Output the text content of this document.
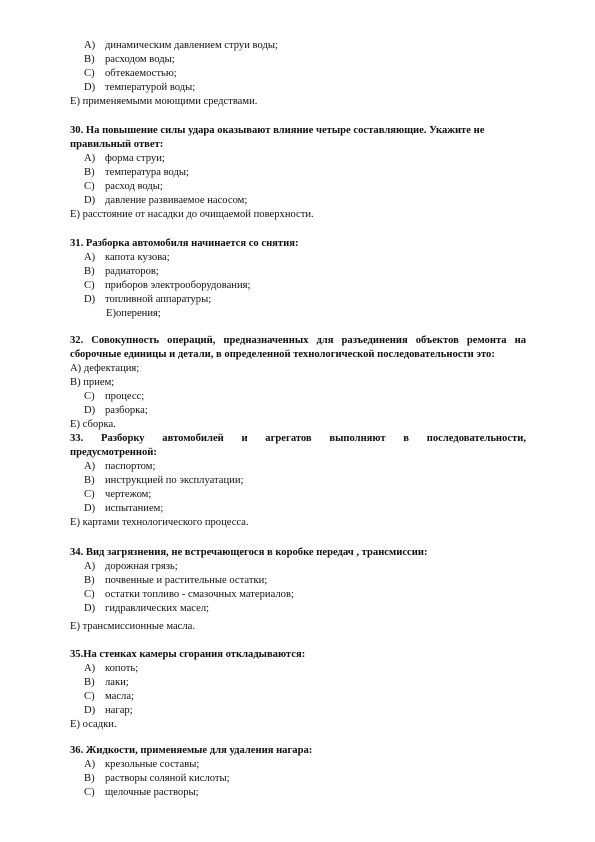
A) динамическим давлением струи воды;
B) расходом воды;
C) обтекаемостью;
D) температурой воды;
E) применяемыми моющими средствами.
30. На повышение силы удара оказывают влияние четыре составляющие. Укажите не
правильный ответ:
A) форма струи;
B) температура воды;
C) расход воды;
D) давление развиваемое насосом;
E) расстояние от насадки до очищаемой поверхности.
31. Разборка автомобиля начинается со снятия:
A) капота кузова;
B) радиаторов;
C) приборов электрооборудования;
D) топливной аппаратуры;
E)оперения;
32. Совокупность операций, предназначенных для разъединения объектов ремонта на
сборочные единицы и детали, в определенной технологической последовательности это:
A) дефектация;
B) прием;
C) процесс;
D) разборка;
E) сборка.
33. Разборку автомобилей и агрегатов выполняют в последовательности,
предусмотренной:
A) паспортом;
B) инструкцией по эксплуатации;
C) чертежом;
D) испытанием;
E) картами технологического процесса.
34. Вид загрязнения, не встречающегося в коробке передач , трансмиссии:
A) дорожная грязь;
B) почвенные и растительные остатки;
C) остатки топливо - смазочных материалов;
D) гидравлических масел;
E) трансмиссионные масла.
35.На стенках камеры сгорания откладываются:
A) копоть;
B) лаки;
C) масла;
D) нагар;
E) осадки.
36. Жидкости, применяемые для удаления нагара:
A) крезольные составы;
B) растворы соляной кислоты;
C) щелочные растворы;
